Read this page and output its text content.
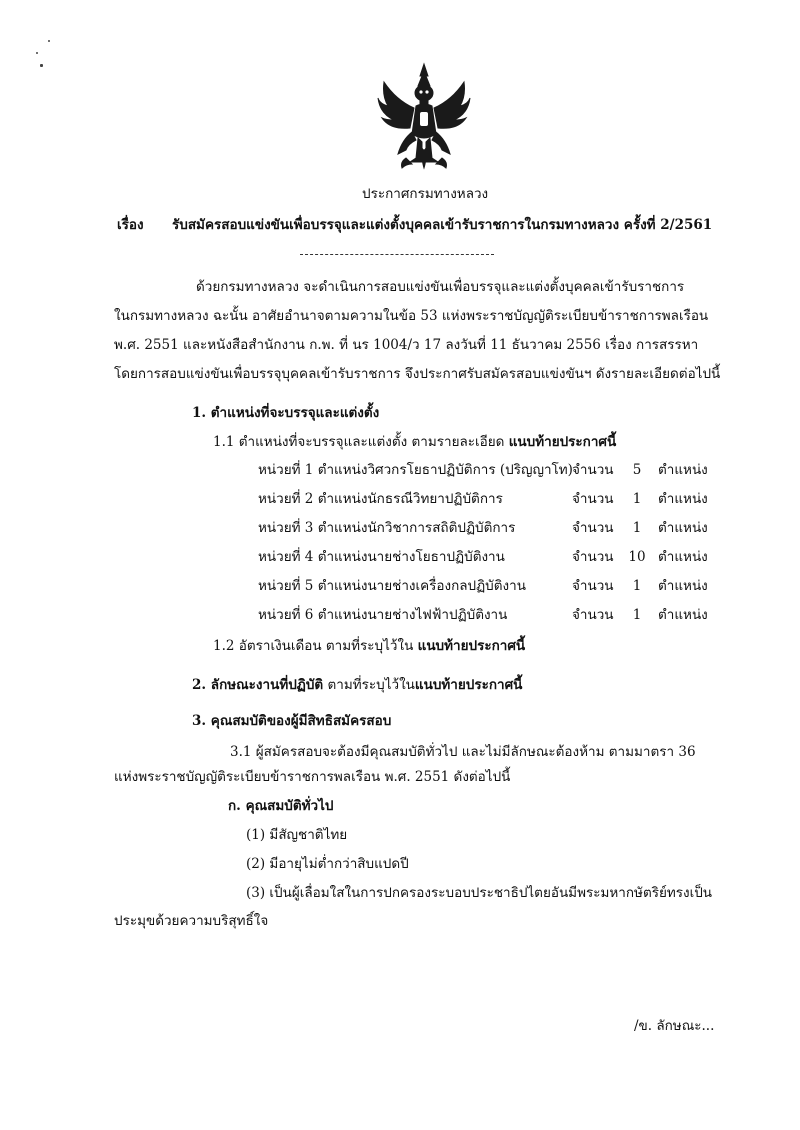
ประกาศกรมทางหลวง
เรื่อง รับสมัครสอบแข่งขันเพื่อบรรจุและแต่งตั้งบุคคลเข้ารับราชการในกรมทางหลวง ครั้งที่ 2/2561
ด้วยกรมทางหลวง จะดำเนินการสอบแข่งขันเพื่อบรรจุและแต่งตั้งบุคคลเข้ารับราชการ
ในกรมทางหลวง ฉะนั้น อาศัยอำนาจตามความในข้อ 53 แห่งพระราชบัญญัติระเบียบข้าราชการพลเรือน
พ.ศ. 2551 และหนังสือสำนักงาน ก.พ. ที่ นร 1004/ว 17 ลงวันที่ 11 ธันวาคม 2556 เรื่อง การสรรหา
โดยการสอบแข่งขันเพื่อบรรจุบุคคลเข้ารับราชการ จึงประกาศรับสมัครสอบแข่งขันฯ ดังรายละเอียดต่อไปนี้
1. ตำแหน่งที่จะบรรจุและแต่งตั้ง
1.1 ตำแหน่งที่จะบรรจุและแต่งตั้ง ตามรายละเอียด แนบท้ายประกาศนี้
หน่วยที่ 1 ตำแหน่งวิศวกรโยธาปฏิบัติการ (ปริญญาโท) จำนวน	5	ตำแหน่ง
หน่วยที่ 2 ตำแหน่งนักธรณีวิทยาปฏิบัติการ	จำนวน	1	ตำแหน่ง
หน่วยที่ 3 ตำแหน่งนักวิชาการสถิติปฏิบัติการ	จำนวน	1	ตำแหน่ง
หน่วยที่ 4 ตำแหน่งนายช่างโยธาปฏิบัติงาน	จำนวน	10 ตำแหน่ง
หน่วยที่ 5 ตำแหน่งนายช่างเครื่องกลปฏิบัติงาน	จำนวน	1	ตำแหน่ง
หน่วยที่ 6 ตำแหน่งนายช่างไฟฟ้าปฏิบัติงาน	จำนวน	1	ตำแหน่ง
1.2 อัตราเงินเดือน ตามที่ระบุไว้ใน แนบท้ายประกาศนี้
2. ลักษณะงานที่ปฏิบัติ ตามที่ระบุไว้ในแนบท้ายประกาศนี้
3. คุณสมบัติของผู้มีสิทธิสมัครสอบ
3.1 ผู้สมัครสอบจะต้องมีคุณสมบัติทั่วไป และไม่มีลักษณะต้องห้าม ตามมาตรา 36
แห่งพระราชบัญญัติระเบียบข้าราชการพลเรือน พ.ศ. 2551 ดังต่อไปนี้
ก. คุณสมบัติทั่วไป
(1) มีสัญชาติไทย
(2) มีอายุไม่ต่ำกว่าสิบแปดปี
(3) เป็นผู้เลื่อมใสในการปกครองระบอบประชาธิปไตยอันมีพระมหากษัตริย์ทรงเป็น
ประมุขด้วยความบริสุทธิ์ใจ
/ข. ลักษณะ...
